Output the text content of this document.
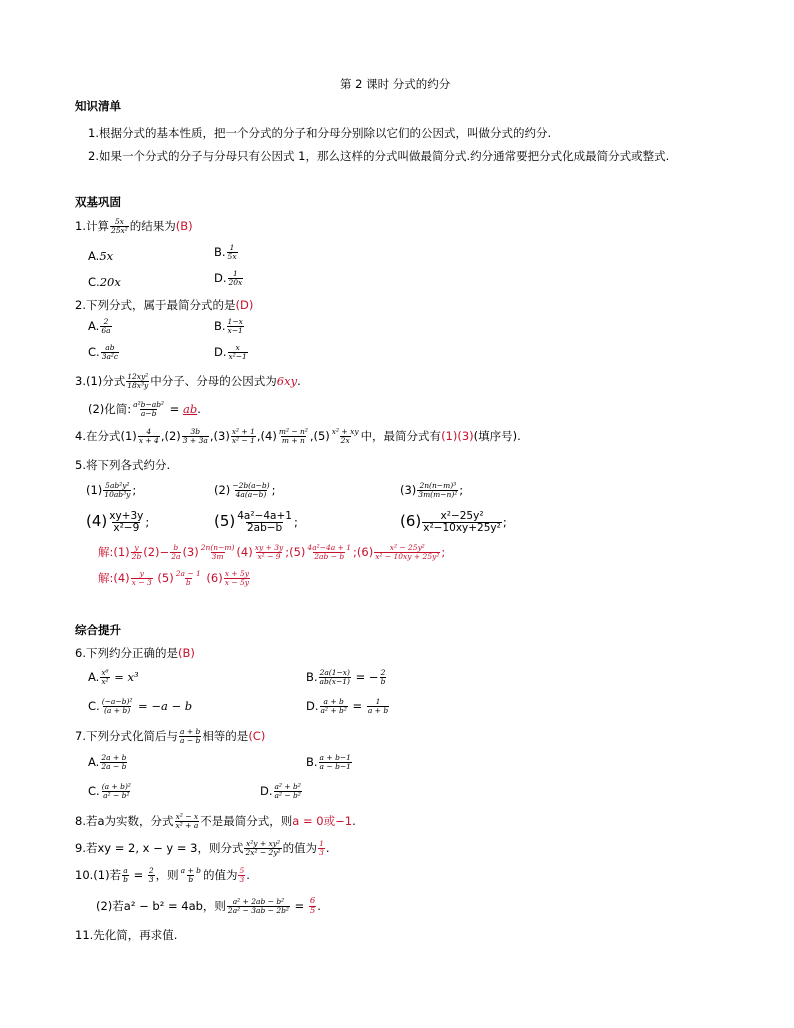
第 2 课时 分式的约分
知识清单
1.根据分式的基本性质，把一个分式的分子和分母分别除以它们的公因式，叫做分式的约分.
2.如果一个分式的分子与分母只有公因式 1，那么这样的分式叫做最简分式.约分通常要把分式化成最简分式或整式.
双基巩固
1.计算 $\frac{5x}{\text{25x²}}$ 的结果为(B)
A.5x	B. $\frac{1}{5x}$
C.20x	D. $\frac{1}{20x}$
2.下列分式，属于最简分式的是(D)
A. $\frac{2}{6a}$	B. $\frac{1-x}{x-1}$
C. $\frac{ab}{\text{3a²c}}$	D. $\frac{x}{\text{x²−1}}$
3.(1)分式 $\frac{\text{12xy²}}{\text{18x³y}}$ 中分子、分母的公因式为6xy.
(2)化简: $\frac{\text{a²b−ab²}}{a-b}$ = ab.
4.在分式$(1) \frac{4}{x + 4} ,(2) \frac{3b}{3 + 3a} ,(3) \frac{\text{x² + 1}}{\text{x² − 1}} ,(4) \frac{\text{m² − n²}}{m + n} ,(5) \frac{\text{x² + xy}}{2x}$ 中，最简分式有(1)(3)(填序号).
5.将下列各式约分.
$(1) \frac{\text{5ab²y²}}{\text{10ab³y}}$ ;	$(2) \frac{-2b(a-b)}{4a(a-b)}$ ;	$(3) \frac{\text{2n(n−m)³}}{\text{3m(m−n)²}}$ ;
$(4) \frac{xy+3y}{\text{x²−9}}$ ;	$(5) \frac{\text{4a²−4a+1}}{2ab-b}$ ;	$(6) \frac{\text{x²−25y²}}{\text{x²−10xy+25y²}}$ ;
解:(1) $\frac{y}{2b} (2)- \frac{b}{2a} (3) \frac{2n(n-m)}{3m} (4) \frac{xy + 3y}{\text{x² − 9}}$ ;(5) $\frac{\text{4a²−4a + 1}}{2ab - b}$ ;(6) $\frac{\text{x² − 25y²}}{\text{x² − 10xy + 25y²}}$ ;
解:(4) $\frac{y}{x - 3} (5) \frac{2a - 1}{b} (6) \frac{x + 5y}{x - 5y}$
综合提升
6.下列约分正确的是(B)
A. $\frac{\text{x⁶}}{\text{x²}} = x^3$	B. $\frac{2a(1-x)}{ab(x-1)}$ = − $\frac{2}{b}$
C. $\frac{\text{(−a−b)²}}{(a + b)} = -a - b$	D. $\frac{a + b}{\text{a² + b²}} = \frac{1}{a + b}$
7.下列分式化简后与 $\frac{a + b}{a - b}$ 相等的是(C)
A. $\frac{2a + b}{2a - b}$	B. $\frac{a + b-1}{a - b-1}$
C. $\frac{\text{(a + b)²}}{\text{a² − b²}}$	D. $\frac{\text{a² + b²}}{\text{a² − b²}}$
8.若a为实数，分式 $\frac{\text{x² − x}}{\text{x² + a}}$ 不是最简分式，则a = 0或−1.
9.若xy = 2, x − y = 3，则分式 $\frac{\text{x²y + xy²}}{\text{2x² − 2y²}}$ 的值为 $\frac{1}{3}$ .
10.(1)若 $\frac{a}{b} = \frac{2}{3}$ ，则 $\frac{a + b}{b}$ 的值为 $\frac{5}{3}$ .
(2)若a² − b² = 4ab，则 $\frac{\text{a² + 2ab − b²}}{\text{2a² − 3ab − 2b²}} = \frac{6}{5}$ .
11.先化简，再求值.
